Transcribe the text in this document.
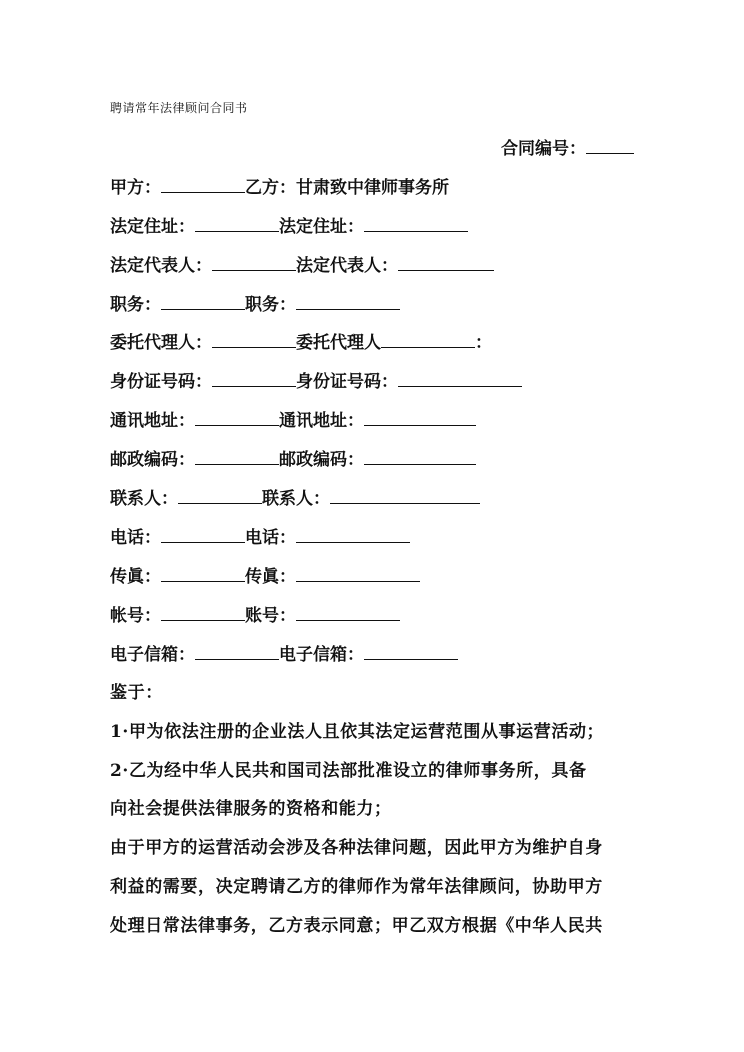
聘请常年法律顾问合同书
合同编号：
甲方：	乙方：甘肃致中律师事务所
法定住址：	法定住址：
法定代表人：	法定代表人：
职务：	职务：
委托代理人：	委托代理人	：
身份证号码：	身份证号码：
通讯地址：	通讯地址：
邮政编码：	邮政编码：
联系人：	联系人：
电话：	电话：
传眞：	传眞：
帐号：	账号：
电子信箱：	电子信箱：
鉴于：
1·甲为依法注册的企业法人且依其法定运营范围从事运营活动；
2·乙为经中华人民共和国司法部批准设立的律师事务所，具备
向社会提供法律服务的资格和能力；
由于甲方的运营活动会涉及各种法律问题，因此甲方为维护自身
利益的需要，决定聘请乙方的律师作为常年法律顾问，协助甲方
处理日常法律事务，乙方表示同意；甲乙双方根据《中华人民共
